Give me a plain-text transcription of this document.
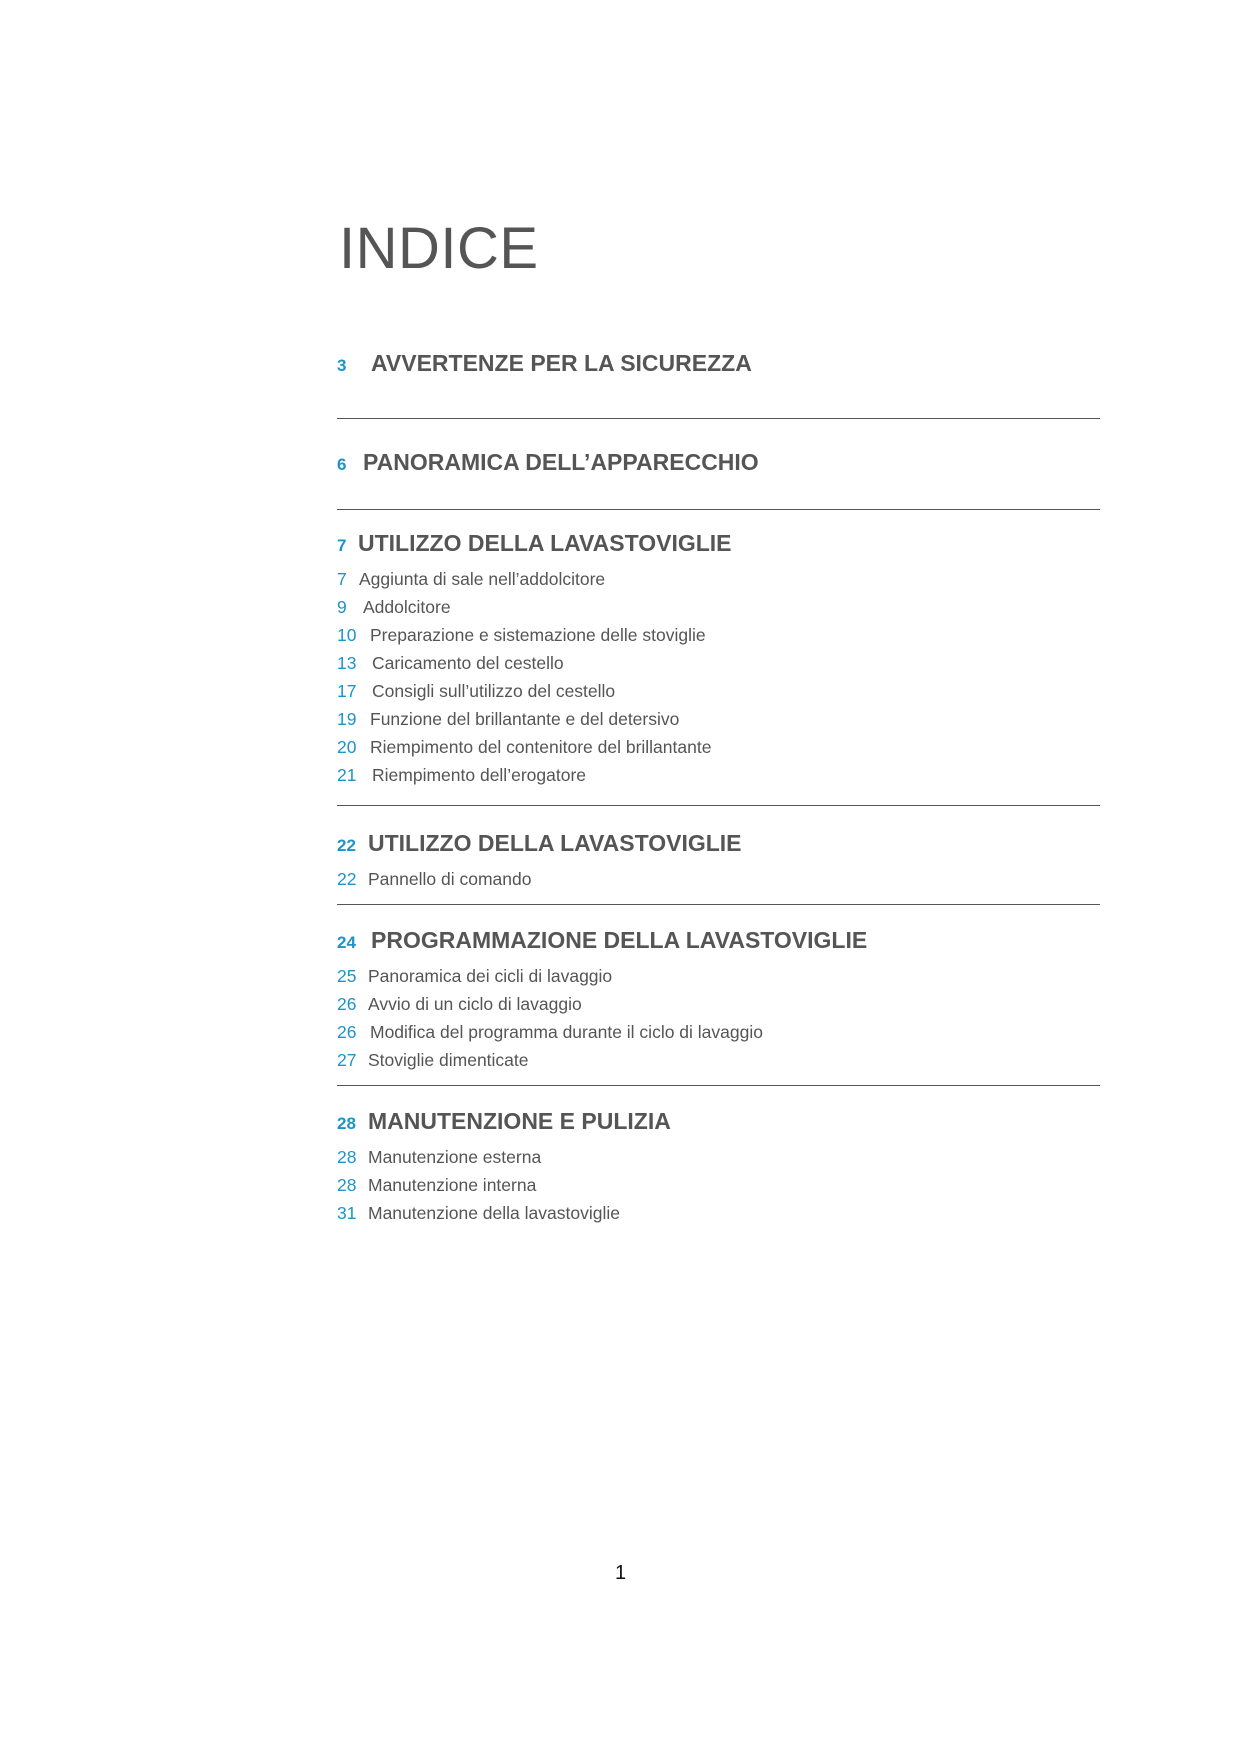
INDICE
3	AVVERTENZE PER LA SICUREZZA
6 PANORAMICA DELL’APPARECCHIO
7 UTILIZZO DELLA LAVASTOVIGLIE
7 Aggiunta di sale nell’addolcitore
9 Addolcitore
10 Preparazione e sistemazione delle stoviglie
13 Caricamento del cestello
17 Consigli sull’utilizzo del cestello
19 Funzione del brillantante e del detersivo
20 Riempimento del contenitore del brillantante
21 Riempimento dell’erogatore
22 UTILIZZO DELLA LAVASTOVIGLIE
22 Pannello di comando
24 PROGRAMMAZIONE DELLA LAVASTOVIGLIE
25 Panoramica dei cicli di lavaggio
26 Avvio di un ciclo di lavaggio
26 Modifica del programma durante il ciclo di lavaggio
27 Stoviglie dimenticate
28 MANUTENZIONE E PULIZIA
28 Manutenzione esterna
28 Manutenzione interna
31 Manutenzione della lavastoviglie
1
